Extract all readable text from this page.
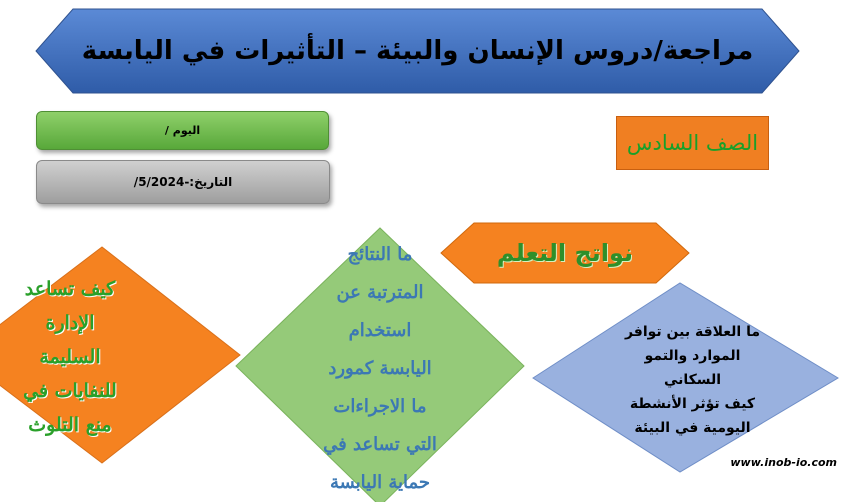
مراجعة/دروس الإنسان والبيئة – التأثيرات في اليابسة
اليوم /
التاريخ:-5/2024/
الصف السادس
نواتج التعلم
كيف تساعد
الإدارة
السليمة
للنفايات في
منع التلوث
ما النتائج
المترتبة عن
استخدام
اليابسة كمورد
ما الاجراءات
التي تساعد في
حماية اليابسة
ما العلاقة بين توافر
الموارد والتمو
السكاني
كيف تؤثر الأنشطة
اليومية في البيئة
www.inob-io.com
